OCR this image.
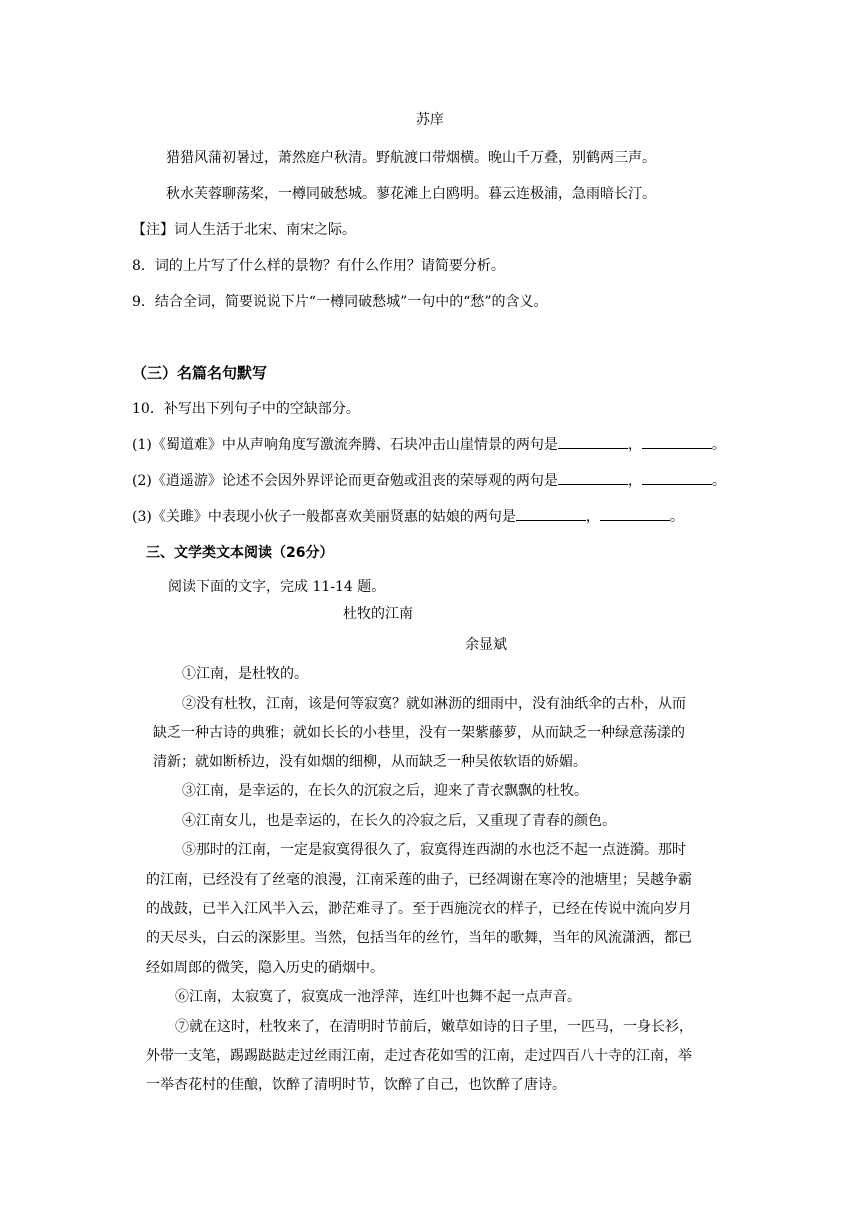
苏庠
猎猎风蒲初暑过，萧然庭户秋清。野航渡口带烟横。晚山千万叠，别鹤两三声。
秋水芙蓉聊荡桨，一樽同破愁城。蓼花滩上白鸥明。暮云连极浦，急雨暗长汀。
【注】词人生活于北宋、南宋之际。
8．词的上片写了什么样的景物？有什么作用？请简要分析。
9．结合全词，简要说说下片“一樽同破愁城”一句中的“愁”的含义。
（三）名篇名句默写
10．补写出下列句子中的空缺部分。
(1)《蜀道难》中从声响角度写激流奔腾、石块冲击山崖情景的两句是	，	。
(2)《逍遥游》论述不会因外界评论而更奋勉或沮丧的荣辱观的两句是	，	。
(3)《关雎》中表现小伙子一般都喜欢美丽贤惠的姑娘的两句是	，	。
三、文学类文本阅读（26分）
阅读下面的文字，完成 11-14 题。
杜牧的江南
余显斌
①江南，是杜牧的。
②没有杜牧，江南，该是何等寂寞？就如淋沥的细雨中，没有油纸伞的古朴，从而
缺乏一种古诗的典雅；就如长长的小巷里，没有一架紫藤萝，从而缺乏一种绿意荡漾的
清新；就如断桥边，没有如烟的细柳，从而缺乏一种吴侬软语的娇媚。
③江南，是幸运的，在长久的沉寂之后，迎来了青衣飘飘的杜牧。
④江南女儿，也是幸运的，在长久的冷寂之后，又重现了青春的颜色。
⑤那时的江南，一定是寂寞得很久了，寂寞得连西湖的水也泛不起一点涟漪。那时
的江南，已经没有了丝毫的浪漫，江南采莲的曲子，已经凋谢在寒冷的池塘里；吴越争霸
的战鼓，已半入江风半入云，渺茫难寻了。至于西施浣衣的样子，已经在传说中流向岁月
的天尽头，白云的深影里。当然，包括当年的丝竹，当年的歌舞，当年的风流潇洒，都已
经如周郎的微笑，隐入历史的硝烟中。
⑥江南，太寂寞了，寂寞成一池浮萍，连红叶也舞不起一点声音。
⑦就在这时，杜牧来了，在清明时节前后，嫩草如诗的日子里，一匹马，一身长衫，
外带一支笔，踢踢跶跶走过丝雨江南，走过杏花如雪的江南，走过四百八十寺的江南，举
一举杏花村的佳酿，饮醉了清明时节，饮醉了自己，也饮醉了唐诗。
